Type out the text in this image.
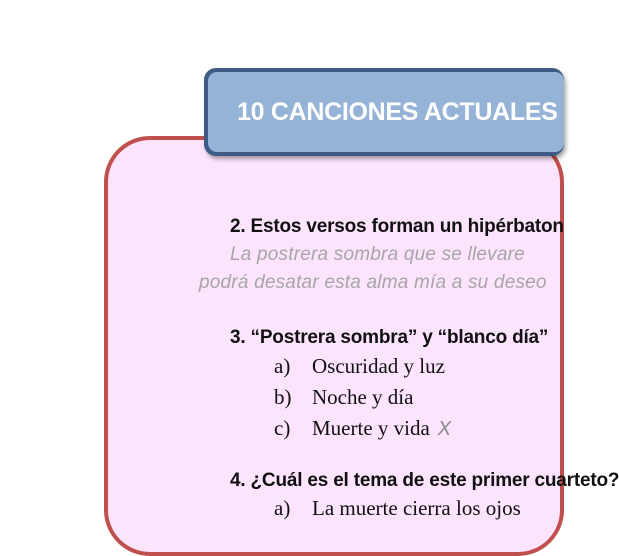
10 CANCIONES ACTUALES
2. Estos versos forman un hipérbaton
La postrera sombra que se llevare
podrá desatar esta alma mía a su deseo
3. “Postrera sombra” y “blanco día”
a) Oscuridad y luz
b) Noche y día
c) Muerte y vida X
4. ¿Cuál es el tema de este primer cuarteto?
a) La muerte cierra los ojos
